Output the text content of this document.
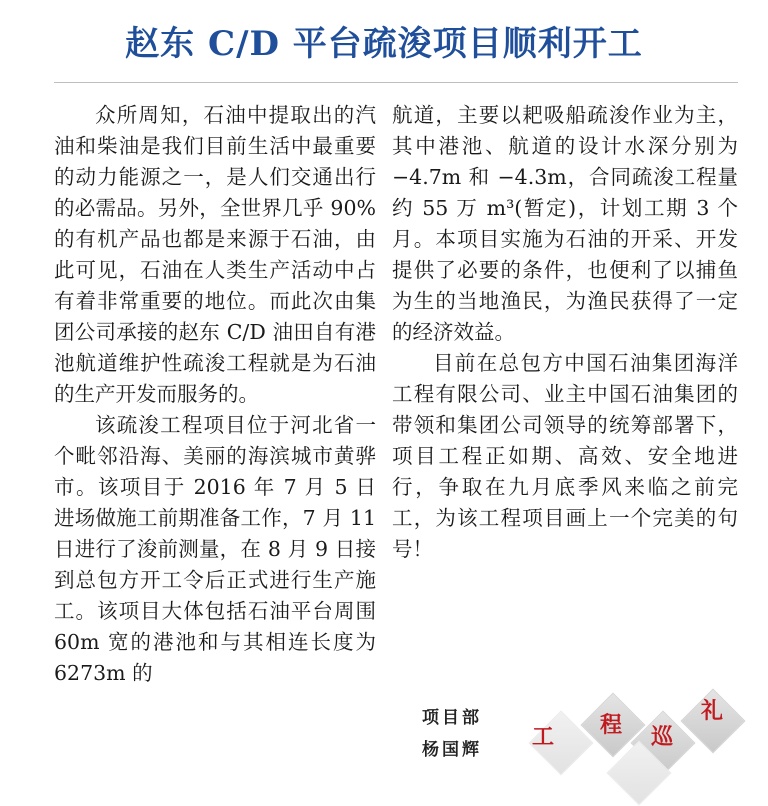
赵东 C/D 平台疏浚项目顺利开工

众所周知，石油中提取出的汽油和柴油是我们目前生活中最重要的动力能源之一，是人们交通出行的必需品。另外，全世界几乎 90%的有机产品也都是来源于石油，由此可见，石油在人类生产活动中占有着非常重要的地位。而此次由集团公司承接的赵东 C/D 油田自有港池航道维护性疏浚工程就是为石油的生产开发而服务的。

该疏浚工程项目位于河北省一个毗邻沿海、美丽的海滨城市黄骅市。该项目于 2016 年 7 月 5 日进场做施工前期准备工作，7 月 11 日进行了浚前测量，在 8 月 9 日接到总包方开工令后正式进行生产施工。该项目大体包括石油平台周围 60m 宽的港池和与其相连长度为 6273m 的

航道，主要以耙吸船疏浚作业为主，其中港池、航道的设计水深分别为 −4.7m 和 −4.3m，合同疏浚工程量约 55 万 m³(暂定)，计划工期 3 个月。本项目实施为石油的开采、开发提供了必要的条件，也便利了以捕鱼为生的当地渔民，为渔民获得了一定的经济效益。

目前在总包方中国石油集团海洋工程有限公司、业主中国石油集团的带领和集团公司领导的统筹部署下，项目工程正如期、高效、安全地进行，争取在九月底季风来临之前完工，为该工程项目画上一个完美的句号！

项目部
杨国辉 工 程 巡
礼
